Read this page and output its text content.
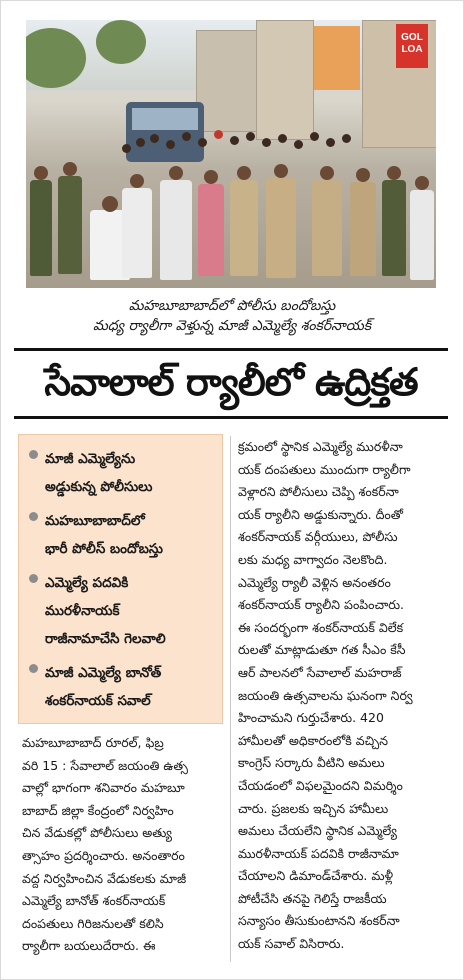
GOL LOA
మహబూబాబాద్‌లో పోలీసు బందోబస్తు
మధ్య ర్యాలీగా వెళ్తున్న మాజీ ఎమ్మెల్యే శంకర్‌నాయక్
సేవాలాల్ ర్యాలీలో ఉద్రిక్తత
మాజీ ఎమ్మెల్యేను
అడ్డుకున్న పోలీసులు
మహబూబాబాద్‌లో
భారీ పోలీస్ బందోబస్తు
ఎమ్మెల్యే పదవికి
మురళీనాయక్
రాజీనామాచేసి గెలవాలి
మాజీ ఎమ్మెల్యే బానోత్
శంకర్‌నాయక్ సవాల్
మహబూబాబాద్ రూరల్, ఫిబ్ర
వరి 15 : సేవాలాల్ జయంతి ఉత్స
వాల్లో భాగంగా శనివారం మహబూ
బాబాద్ జిల్లా కేంద్రంలో నిర్వహిం
చిన వేడుకల్లో పోలీసులు అత్యు
త్సాహం ప్రదర్శించారు. అనంతారం
వద్ద నిర్వహించిన వేడుకలకు మాజీ
ఎమ్మెల్యే బానోత్ శంకర్‌నాయక్
దంపతులు గిరిజనులతో కలిసి
ర్యాలీగా బయలుదేరారు. ఈ
క్రమంలో స్థానిక ఎమ్మెల్యే మురళీనా
యక్ దంపతులు ముందుగా ర్యాలీగా
వెళ్లారని పోలీసులు చెప్పి శంకర్‌నా
యక్ ర్యాలీని అడ్డుకున్నారు. దీంతో
శంకర్‌నాయక్ వర్గీయులు, పోలీసు
లకు మధ్య వాగ్వాదం నెలకొంది.
ఎమ్మెల్యే ర్యాలీ వెళ్లిన అనంతరం
శంకర్‌నాయక్ ర్యాలీని పంపించారు.
ఈ సందర్భంగా శంకర్‌నాయక్ విలేక
రులతో మాట్లాడుతూ గత సీఎం కేసీ
ఆర్ పాలనలో సేవాలాల్ మహరాజ్
జయంతి ఉత్సవాలను ఘనంగా నిర్వ
హించామని గుర్తుచేశారు. 420
హామీలతో అధికారంలోకి వచ్చిన
కాంగ్రెస్ సర్కారు వీటిని అమలు
చేయడంలో విఫలమైందని విమర్శిం
చారు. ప్రజలకు ఇచ్చిన హామీలు
అమలు చేయలేని స్థానిక ఎమ్మెల్యే
మురళీనాయక్ పదవికి రాజీనామా
చేయాలని డిమాండ్‌చేశారు. మళ్లీ
పోటీచేసి తనపై గెలిస్తే రాజకీయ
సన్యాసం తీసుకుంటానని శంకర్‌నా
యక్ సవాల్ విసిరారు.
